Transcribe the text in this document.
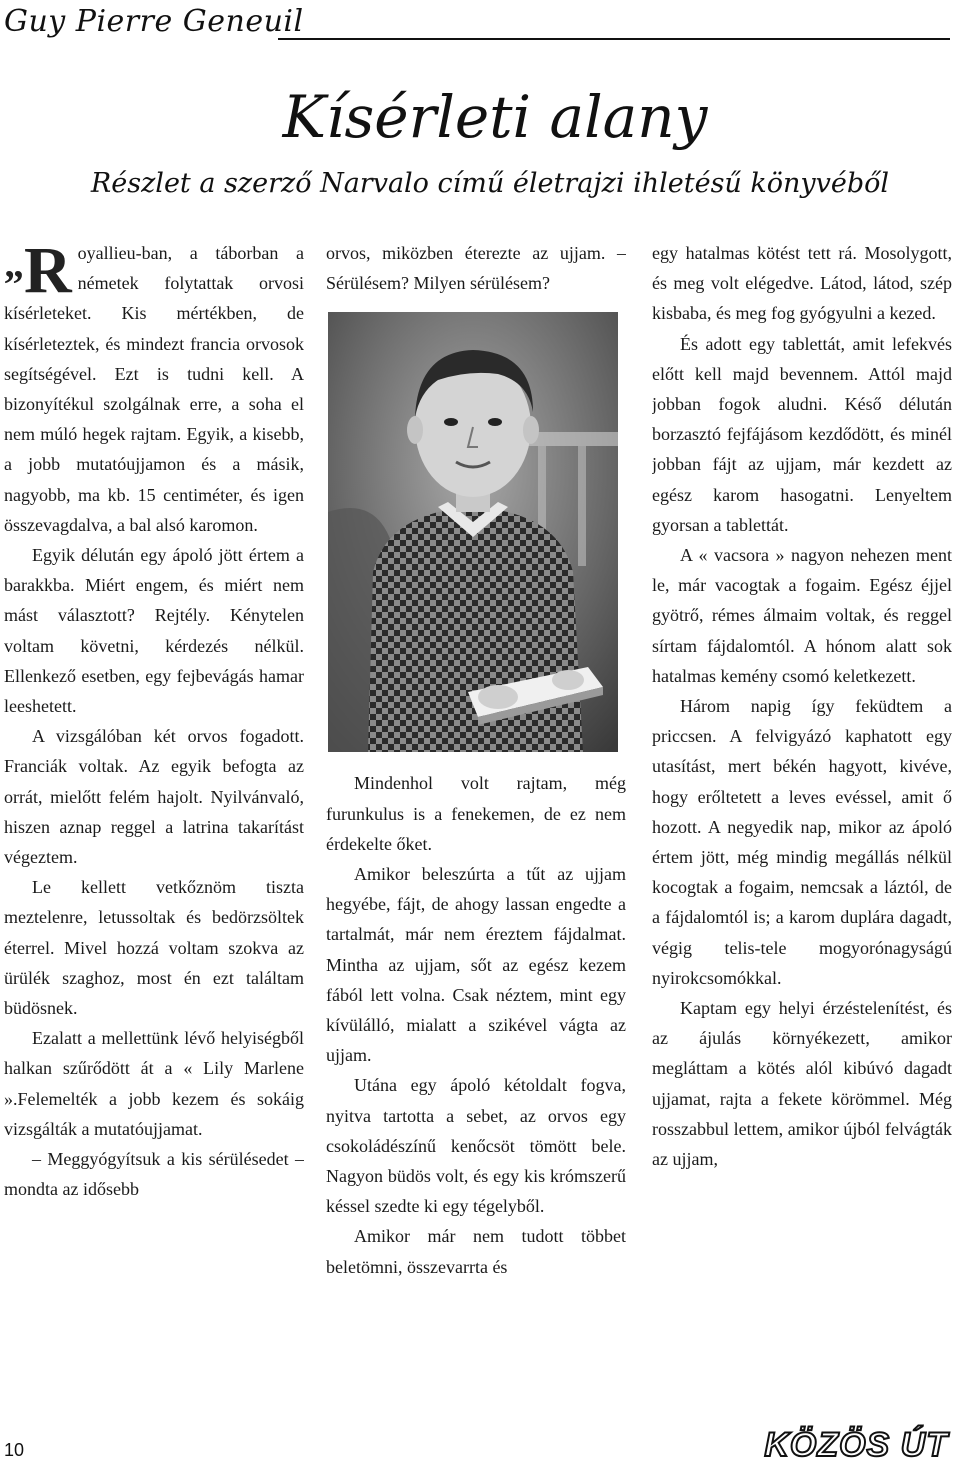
Guy Pierre Geneuil
Kísérleti alany
Részlet a szerző Narvalo című életrajzi ihletésű könyvéből

„R oyallieu-ban, a táborban a németek folytattak orvosi kísérleteket. Kis mértékben, de kísérleteztek, és mindezt francia orvosok segítségével. Ezt is tudni kell. A bizonyítékul szolgálnak erre, a soha el nem múló hegek rajtam. Egyik, a kisebb, a jobb mutatóujjamon és a másik, nagyobb, ma kb. 15 centiméter, és igen összevagdalva, a bal alsó karomon.

Egyik délután egy ápoló jött értem a barakkba. Miért engem, és miért nem mást választott? Rejtély. Kénytelen voltam követni, kérdezés nélkül. Ellenkező esetben, egy fejbevágás hamar leeshetett.

A vizsgálóban két orvos fogadott. Franciák voltak. Az egyik befogta az orrát, mielőtt felém hajolt. Nyilvánvaló, hiszen aznap reggel a latrina takarítást végeztem.

Le kellett vetkőznöm tiszta meztelenre, letussoltak és bedörzsöltek éterrel. Mivel hozzá voltam szokva az ürülék szaghoz, most én ezt találtam büdösnek.

Ezalatt a mellettünk lévő helyiségből halkan szűrődött át a « Lily Marlene ».Felemelték a jobb kezem és sokáig vizsgálták a mutatóujjamat.

– Meggyógyítsuk a kis sérülésedet – mondta az idősebb

orvos, miközben éterezte az ujjam. – Sérülésem? Milyen sérülésem?

Mindenhol volt rajtam, még furunkulus is a fenekemen, de ez nem érdekelte őket.

Amikor beleszúrta a tűt az ujjam hegyébe, fájt, de ahogy lassan engedte a tartalmát, már nem éreztem fájdalmat. Mintha az ujjam, sőt az egész kezem fából lett volna. Csak néztem, mint egy kívülálló, mialatt a szikével vágta az ujjam.

Utána egy ápoló kétoldalt fogva, nyitva tartotta a sebet, az orvos egy csokoládészínű kenőcsöt tömött bele. Nagyon büdös volt, és egy kis krómszerű késsel szedte ki egy tégelyből.

Amikor már nem tudott többet beletömni, összevarrta és

egy hatalmas kötést tett rá. Mosolygott, és meg volt elégedve. Látod, látod, szép kisbaba, és meg fog gyógyulni a kezed.

És adott egy tablettát, amit lefekvés előtt kell majd bevennem. Attól majd jobban fogok aludni. Késő délután borzasztó fejfájásom kezdődött, és minél jobban fájt az ujjam, már kezdett az egész karom hasogatni. Lenyeltem gyorsan a tablettát.

A « vacsora » nagyon nehezen ment le, már vacogtak a fogaim. Egész éjjel gyötrő, rémes álmaim voltak, és reggel sírtam fájdalomtól. A hónom alatt sok hatalmas kemény csomó keletkezett.

Három napig így feküdtem a priccsen. A felvigyázó kaphatott egy utasítást, mert békén hagyott, kivéve, hogy erőltetett a leves evéssel, amit ő hozott. A negyedik nap, mikor az ápoló értem jött, még mindig megállás nélkül kocogtak a fogaim, nemcsak a láztól, de a fájdalomtól is; a karom duplára dagadt, végig telis-tele mogyorónagyságú nyirokcsomókkal.

Kaptam egy helyi érzéstelenítést, és az ájulás környékezett, amikor megláttam a kötés alól kibúvó dagadt ujjamat, rajta a fekete körömmel. Még rosszabbul lettem, amikor újból felvágták az ujjam,

10	KÖZÖS ÚT
